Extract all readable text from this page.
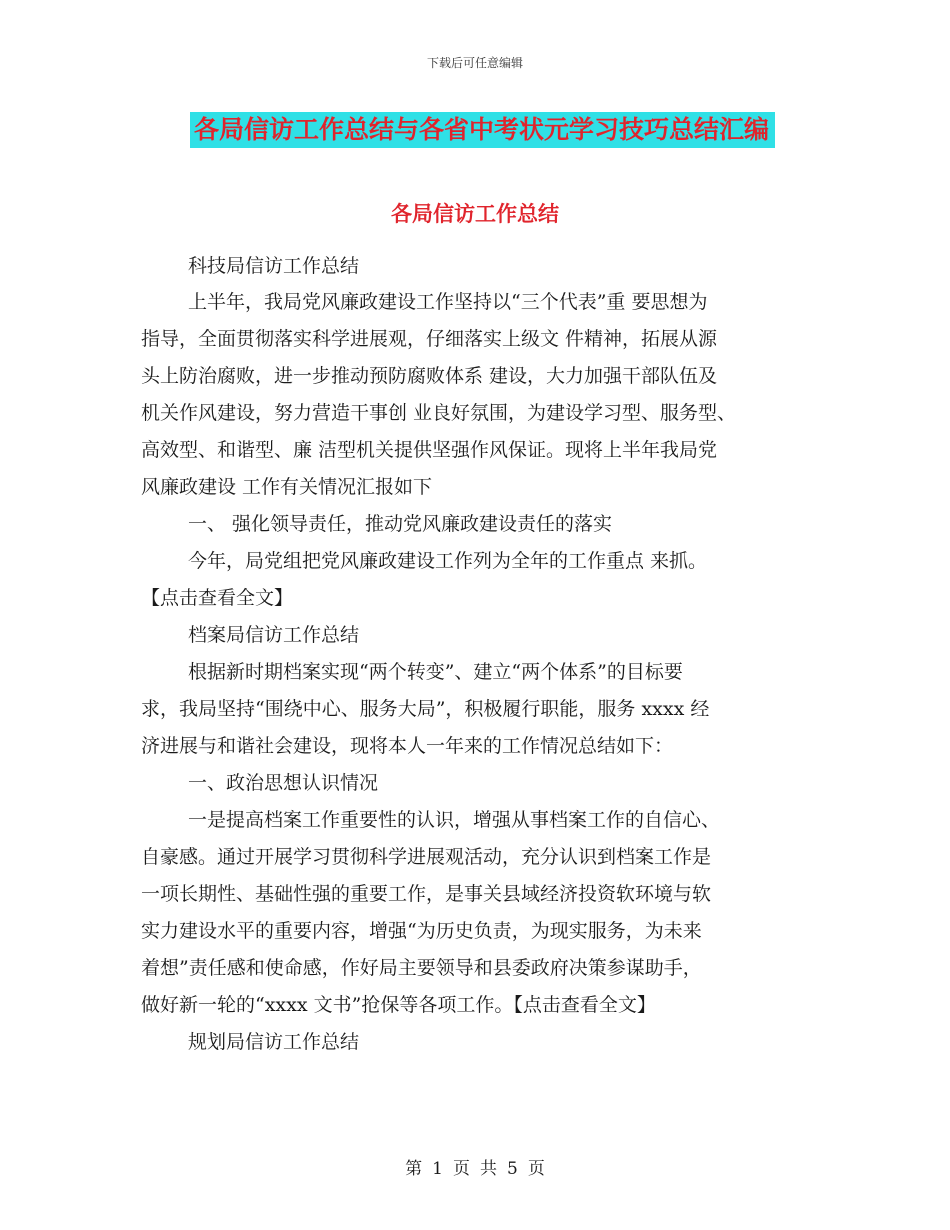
下载后可任意编辑
各局信访工作总结与各省中考状元学习技巧总结汇编
各局信访工作总结
科技局信访工作总结
上半年，我局党风廉政建设工作坚持以“三个代表”重 要思想为
指导，全面贯彻落实科学进展观，仔细落实上级文 件精神，拓展从源
头上防治腐败，进一步推动预防腐败体系 建设，大力加强干部队伍及
机关作风建设，努力营造干事创 业良好氛围，为建设学习型、服务型、
高效型、和谐型、廉 洁型机关提供坚强作风保证。现将上半年我局党
风廉政建设 工作有关情况汇报如下
一、 强化领导责任，推动党风廉政建设责任的落实
今年，局党组把党风廉政建设工作列为全年的工作重点 来抓。
【点击查看全文】
档案局信访工作总结
根据新时期档案实现“两个转变”、建立“两个体系”的目标要
求，我局坚持“围绕中心、服务大局”，积极履行职能，服务 xxxx 经
济进展与和谐社会建设，现将本人一年来的工作情况总结如下：
一、政治思想认识情况
一是提高档案工作重要性的认识，增强从事档案工作的自信心、
自豪感。通过开展学习贯彻科学进展观活动，充分认识到档案工作是
一项长期性、基础性强的重要工作，是事关县域经济投资软环境与软
实力建设水平的重要内容，增强“为历史负责，为现实服务，为未来
着想”责任感和使命感，作好局主要领导和县委政府决策参谋助手，
做好新一轮的“xxxx 文书”抢保等各项工作。【点击查看全文】
规划局信访工作总结
第 1 页 共 5 页
